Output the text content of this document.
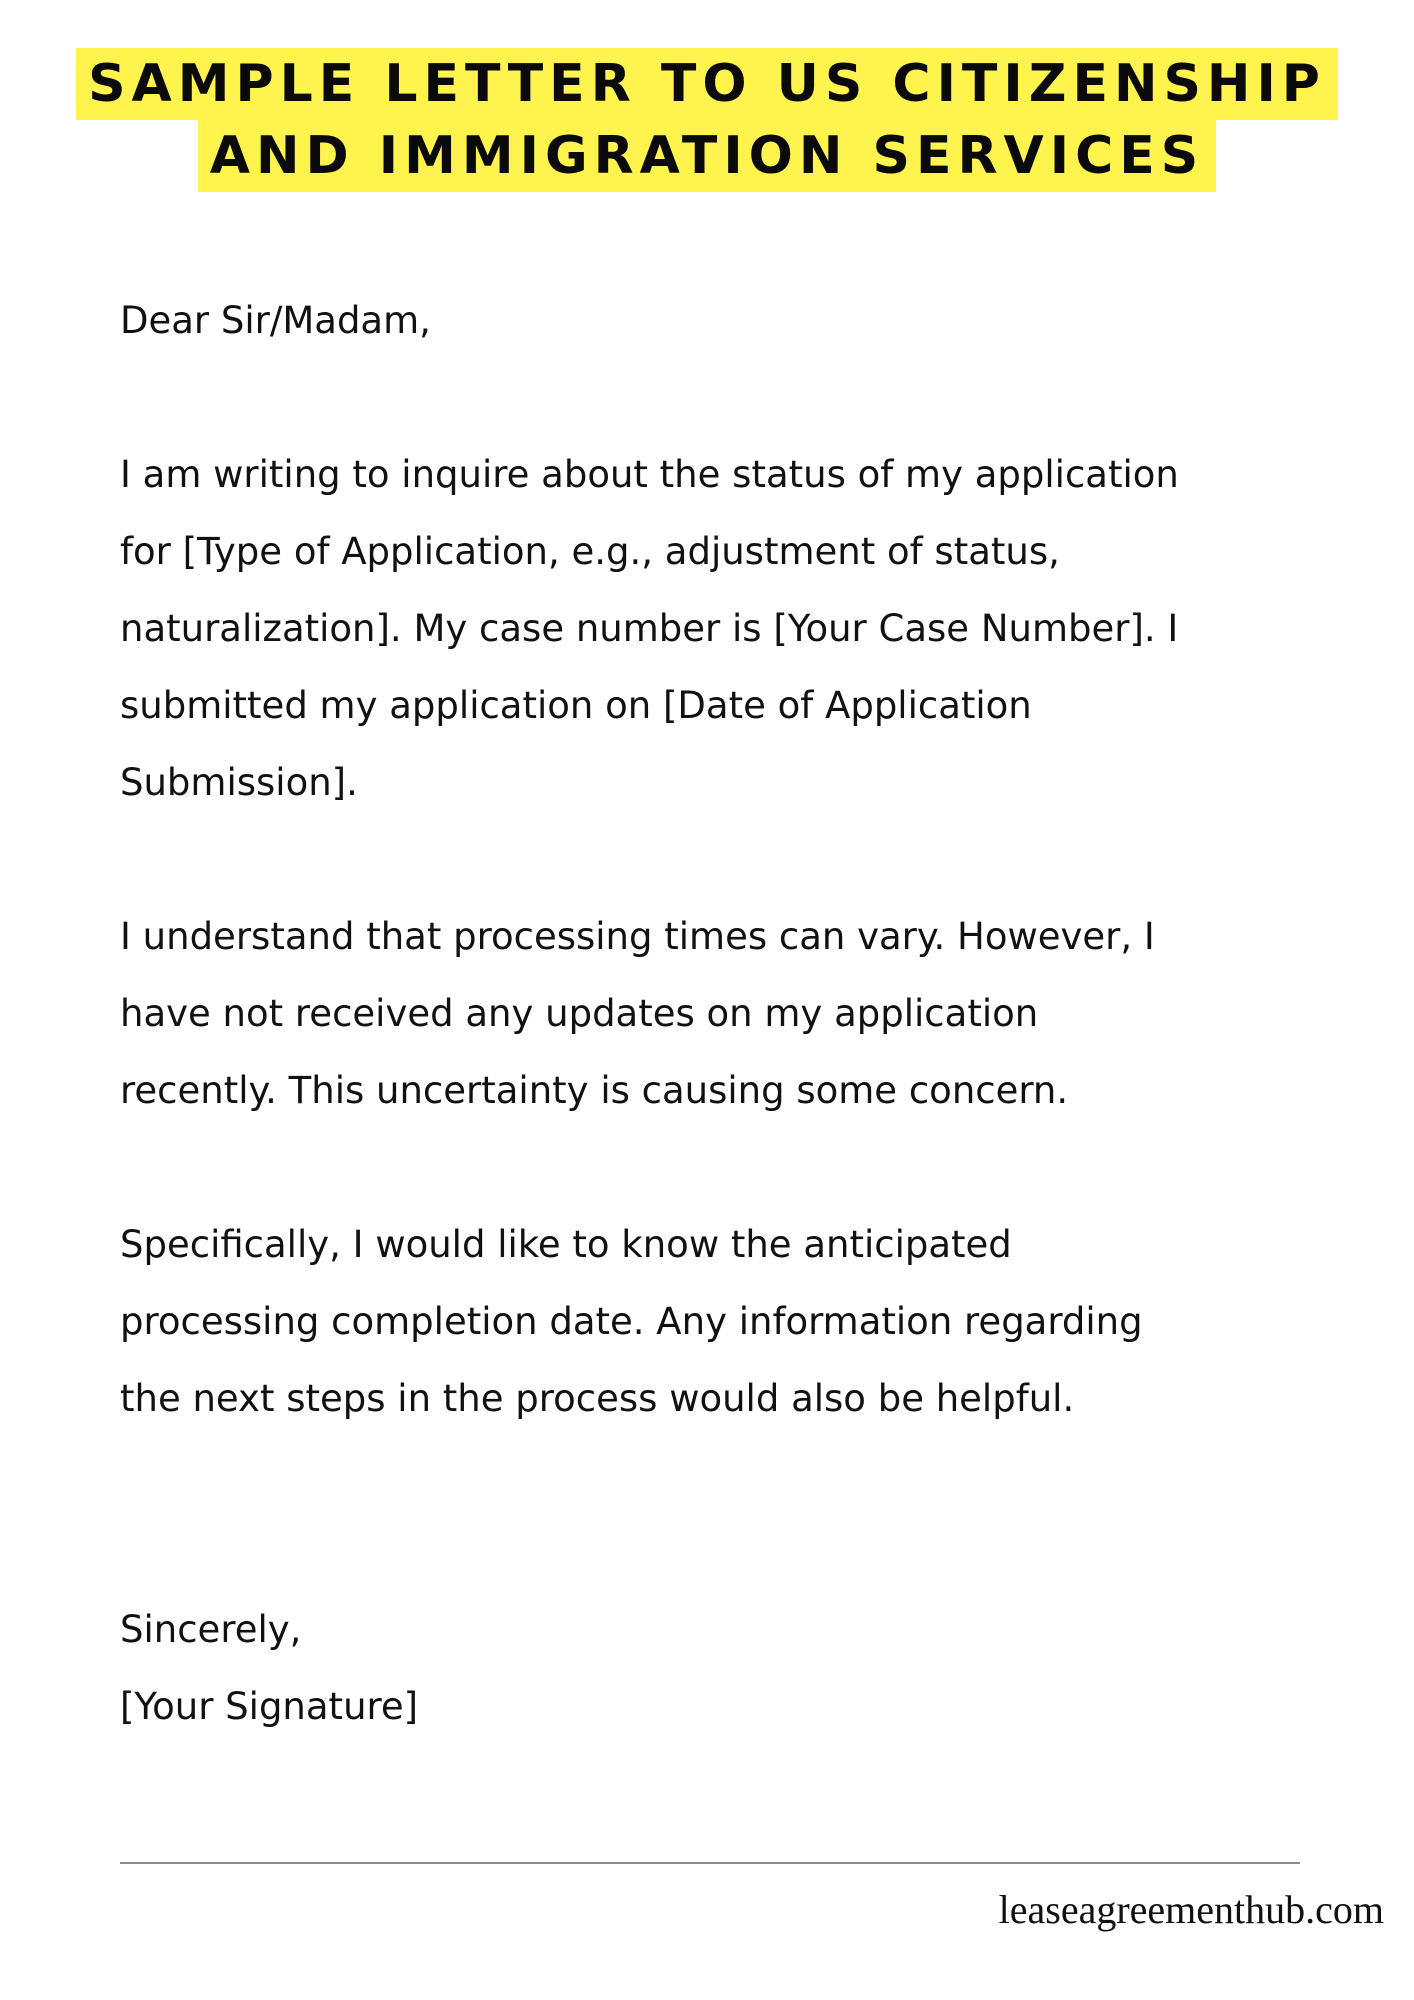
SAMPLE LETTER TO US CITIZENSHIP
AND IMMIGRATION SERVICES

Dear Sir/Madam,

I am writing to inquire about the status of my application

for [Type of Application, e.g., adjustment of status,

naturalization]. My case number is [Your Case Number]. I

submitted my application on [Date of Application

Submission].

I understand that processing times can vary. However, I

have not received any updates on my application

recently. This uncertainty is causing some concern.

Specifically, I would like to know the anticipated

processing completion date. Any information regarding

the next steps in the process would also be helpful.

Sincerely,

[Your Signature]

leaseagreementhub.com
